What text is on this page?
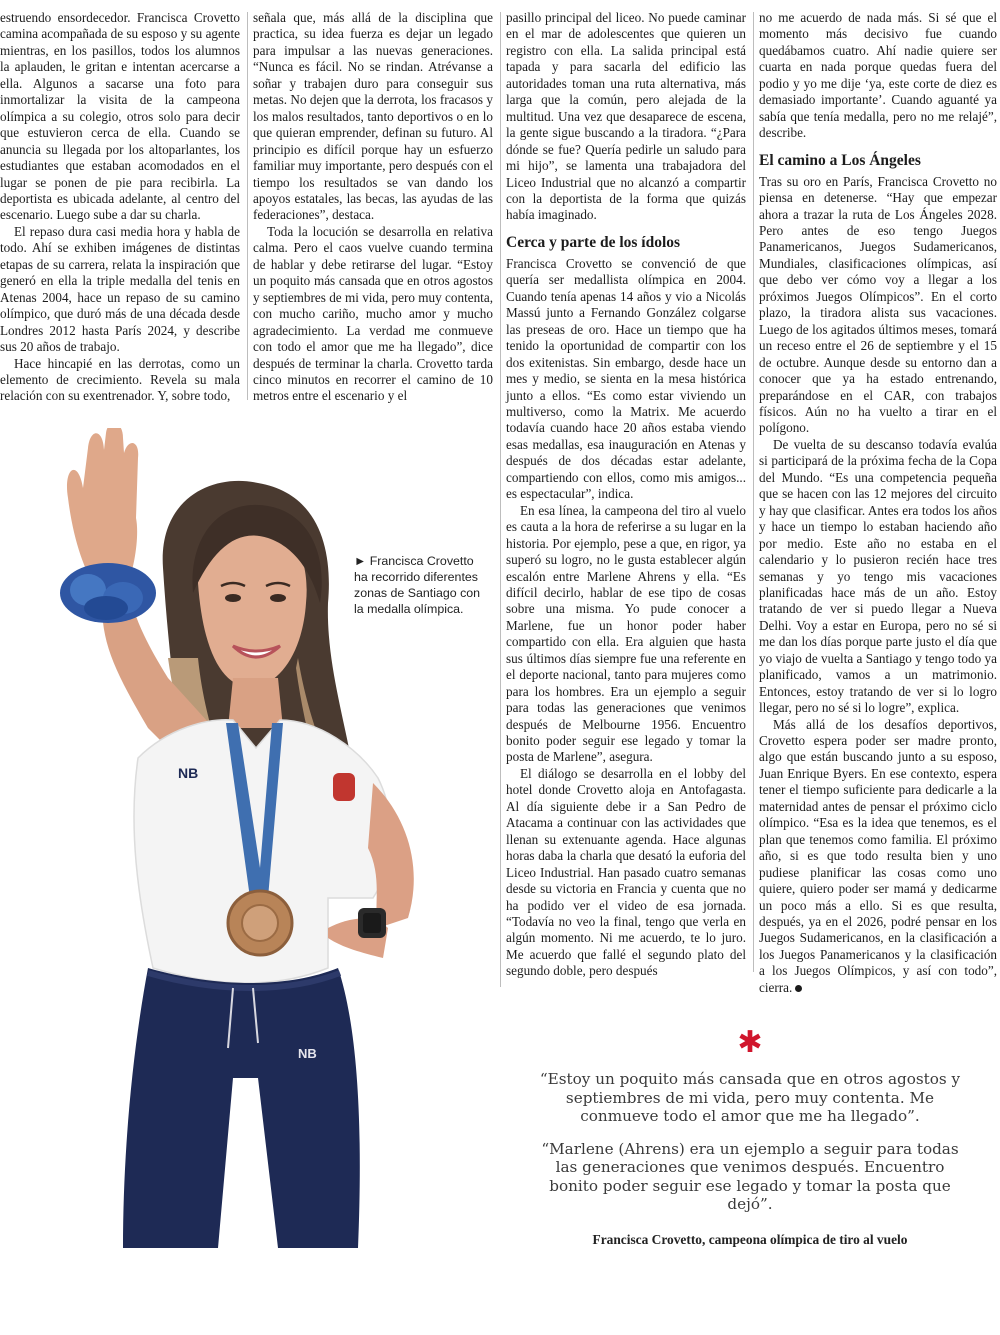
estruendo ensordecedor. Francisca Crovetto camina acompañada de su esposo y su agente mientras, en los pasillos, todos los alumnos la aplauden, le gritan e intentan acercarse a ella. Algunos a sacarse una foto para inmortalizar la visita de la campeona olímpica a su colegio, otros solo para decir que estuvieron cerca de ella. Cuando se anuncia su llegada por los altoparlantes, los estudiantes que estaban acomodados en el lugar se ponen de pie para recibirla. La deportista es ubicada adelante, al centro del escenario. Luego sube a dar su charla.

El repaso dura casi media hora y habla de todo. Ahí se exhiben imágenes de distintas etapas de su carrera, relata la inspiración que generó en ella la triple medalla del tenis en Atenas 2004, hace un repaso de su camino olímpico, que duró más de una década desde Londres 2012 hasta París 2024, y describe sus 20 años de trabajo.

Hace hincapié en las derrotas, como un elemento de crecimiento. Revela su mala relación con su exentrenador. Y, sobre todo,

señala que, más allá de la disciplina que practica, su idea fuerza es dejar un legado para impulsar a las nuevas generaciones. “Nunca es fácil. No se rindan. Atrévanse a soñar y trabajen duro para conseguir sus metas. No dejen que la derrota, los fracasos y los malos resultados, tanto deportivos o en lo que quieran emprender, definan su futuro. Al principio es difícil porque hay un esfuerzo familiar muy importante, pero después con el tiempo los resultados se van dando los apoyos estatales, las becas, las ayudas de las federaciones”, destaca.

Toda la locución se desarrolla en relativa calma. Pero el caos vuelve cuando termina de hablar y debe retirarse del lugar. “Estoy un poquito más cansada que en otros agostos y septiembres de mi vida, pero muy contenta, con mucho cariño, mucho amor y mucho agradecimiento. La verdad me conmueve con todo el amor que me ha llegado”, dice después de terminar la charla. Crovetto tarda cinco minutos en recorrer el camino de 10 metros entre el escenario y el

pasillo principal del liceo. No puede caminar en el mar de adolescentes que quieren un registro con ella. La salida principal está tapada y para sacarla del edificio las autoridades toman una ruta alternativa, más larga que la común, pero alejada de la multitud. Una vez que desaparece de escena, la gente sigue buscando a la tiradora. “¿Para dónde se fue? Quería pedirle un saludo para mi hijo”, se lamenta una trabajadora del Liceo Industrial que no alcanzó a compartir con la deportista de la forma que quizás había imaginado.

Cerca y parte de los ídolos

Francisca Crovetto se convenció de que quería ser medallista olímpica en 2004. Cuando tenía apenas 14 años y vio a Nicolás Massú junto a Fernando González colgarse las preseas de oro. Hace un tiempo que ha tenido la oportunidad de compartir con los dos exitenistas. Sin embargo, desde hace un mes y medio, se sienta en la mesa histórica junto a ellos. “Es como estar viviendo un multiverso, como la Matrix. Me acuerdo todavía cuando hace 20 años estaba viendo esas medallas, esa inauguración en Atenas y después de dos décadas estar adelante, compartiendo con ellos, como mis amigos... es espectacular”, indica.

En esa línea, la campeona del tiro al vuelo es cauta a la hora de referirse a su lugar en la historia. Por ejemplo, pese a que, en rigor, ya superó su logro, no le gusta establecer algún escalón entre Marlene Ahrens y ella. “Es difícil decirlo, hablar de ese tipo de cosas sobre una misma. Yo pude conocer a Marlene, fue un honor poder haber compartido con ella. Era alguien que hasta sus últimos días siempre fue una referente en el deporte nacional, tanto para mujeres como para los hombres. Era un ejemplo a seguir para todas las generaciones que venimos después de Melbourne 1956. Encuentro bonito poder seguir ese legado y tomar la posta de Marlene”, asegura.

El diálogo se desarrolla en el lobby del hotel donde Crovetto aloja en Antofagasta. Al día siguiente debe ir a San Pedro de Atacama a continuar con las actividades que llenan su extenuante agenda. Hace algunas horas daba la charla que desató la euforia del Liceo Industrial. Han pasado cuatro semanas desde su victoria en Francia y cuenta que no ha podido ver el video de esa jornada. “Todavía no veo la final, tengo que verla en algún momento. Ni me acuerdo, te lo juro. Me acuerdo que fallé el segundo plato del segundo doble, pero después

no me acuerdo de nada más. Si sé que el momento más decisivo fue cuando quedábamos cuatro. Ahí nadie quiere ser cuarta en nada porque quedas fuera del podio y yo me dije ‘ya, este corte de diez es demasiado importante’. Cuando aguanté ya sabía que tenía medalla, pero no me relajé”, describe.

El camino a Los Ángeles

Tras su oro en París, Francisca Crovetto no piensa en detenerse. “Hay que empezar ahora a trazar la ruta de Los Ángeles 2028. Pero antes de eso tengo Juegos Panamericanos, Juegos Sudamericanos, Mundiales, clasificaciones olímpicas, así que debo ver cómo voy a llegar a los próximos Juegos Olímpicos”. En el corto plazo, la tiradora alista sus vacaciones. Luego de los agitados últimos meses, tomará un receso entre el 26 de septiembre y el 15 de octubre. Aunque desde su entorno dan a conocer que ya ha estado entrenando, preparándose en el CAR, con trabajos físicos. Aún no ha vuelto a tirar en el polígono.

De vuelta de su descanso todavía evalúa si participará de la próxima fecha de la Copa del Mundo. “Es una competencia pequeña que se hacen con las 12 mejores del circuito y hay que clasificar. Antes era todos los años y hace un tiempo lo estaban haciendo año por medio. Este año no estaba en el calendario y lo pusieron recién hace tres semanas y yo tengo mis vacaciones planificadas hace más de un año. Estoy tratando de ver si puedo llegar a Nueva Delhi. Voy a estar en Europa, pero no sé si me dan los días porque parte justo el día que yo viajo de vuelta a Santiago y tengo todo ya planificado, vamos a un matrimonio. Entonces, estoy tratando de ver si lo logro llegar, pero no sé si lo logre”, explica.

Más allá de los desafíos deportivos, Crovetto espera poder ser madre pronto, algo que están buscando junto a su esposo, Juan Enrique Byers. En ese contexto, espera tener el tiempo suficiente para dedicarle a la maternidad antes de pensar el próximo ciclo olímpico. “Esa es la idea que tenemos, es el plan que tenemos como familia. El próximo año, si es que todo resulta bien y uno pudiese planificar las cosas como uno quiere, quiero poder ser mamá y dedicarme un poco más a ello. Si es que resulta, después, ya en el 2026, podré pensar en los Juegos Sudamericanos, en la clasificación a los Juegos Panamericanos y la clasificación a los Juegos Olímpicos, y así con todo”, cierra.

NB
NB
► Francisca Crovetto ha recorrido diferentes zonas de Santiago con la medalla olímpica.
✱

“Estoy un poquito más cansada que en otros agostos y septiembres de mi vida, pero muy contenta. Me conmueve todo el amor que me ha llegado”.

“Marlene (Ahrens) era un ejemplo a seguir para todas las generaciones que venimos después. Encuentro bonito poder seguir ese legado y tomar la posta que dejó”.

Francisca Crovetto, campeona olímpica de tiro al vuelo
